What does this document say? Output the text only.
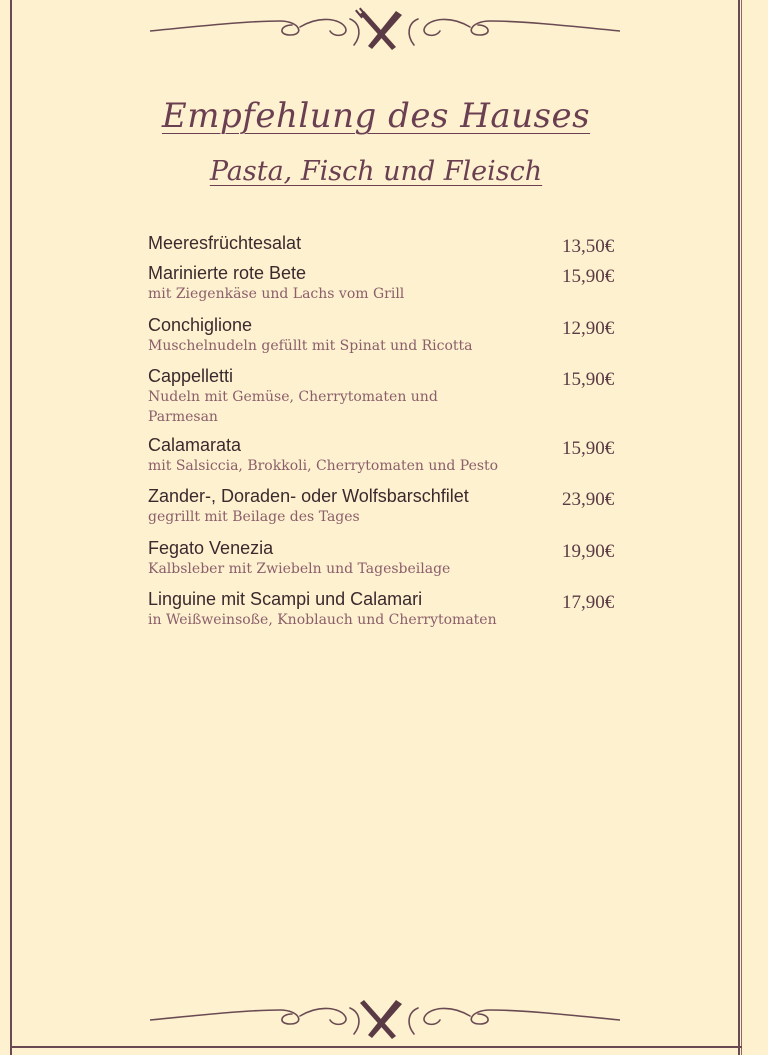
Empfehlung des Hauses
Pasta, Fisch und Fleisch
Meeresfrüchtesalat	13,50€
Marinierte rote Bete
mit Ziegenkäse und Lachs vom Grill
15,90€
Conchiglione
Muschelnudeln gefüllt mit Spinat und Ricotta
12,90€
Cappelletti
Nudeln mit Gemüse, Cherrytomaten und Parmesan
15,90€
Calamarata
mit Salsiccia, Brokkoli, Cherrytomaten und Pesto
15,90€
Zander-, Doraden- oder Wolfsbarschfilet
gegrillt mit Beilage des Tages
23,90€
Fegato Venezia
Kalbsleber mit Zwiebeln und Tagesbeilage
19,90€
Linguine mit Scampi und Calamari
in Weißweinsoße, Knoblauch und Cherrytomaten
17,90€
